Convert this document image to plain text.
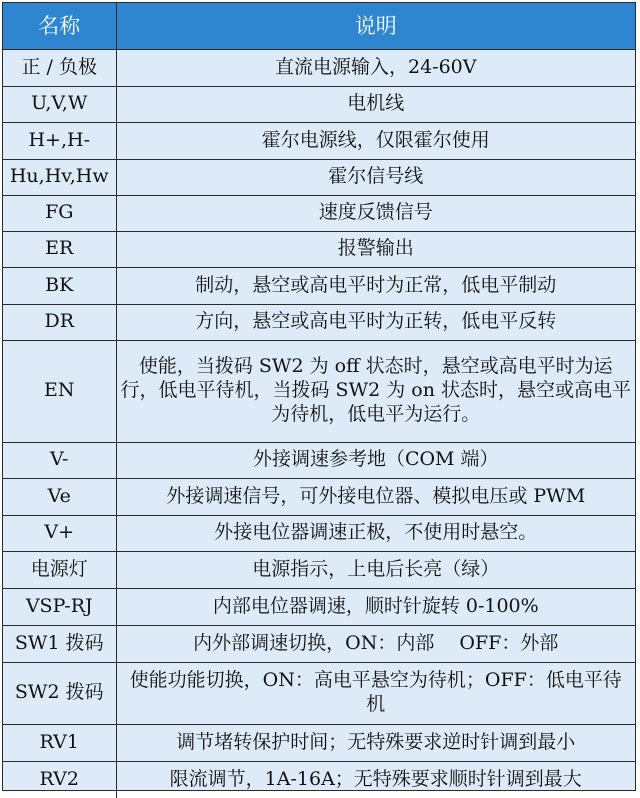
名称	说明
正 / 负极	直流电源输入，24-60V
U,V,W	电机线
H+,H-	霍尔电源线，仅限霍尔使用
Hu,Hv,Hw	霍尔信号线
FG	速度反馈信号
ER	报警输出
BK	制动，悬空或高电平时为正常，低电平制动
DR	方向，悬空或高电平时为正转，低电平反转
EN	使能，当拨码 SW2 为 off 状态时，悬空或高电平时为运行，低电平待机，当拨码 SW2 为 on 状态时，悬空或高电平为待机，低电平为运行。
V-	外接调速参考地（COM 端）
Ve	外接调速信号，可外接电位器、模拟电压或 PWM
V+	外接电位器调速正极，不使用时悬空。
电源灯	电源指示，上电后长亮（绿）
VSP-RJ	内部电位器调速，顺时针旋转 0-100%
SW1 拨码	内外部调速切换，ON：内部　 OFF：外部
SW2 拨码	使能功能切换，ON：高电平悬空为待机；OFF：低电平待机
RV1	调节堵转保护时间；无特殊要求逆时针调到最小
RV2	限流调节，1A-16A；无特殊要求顺时针调到最大
